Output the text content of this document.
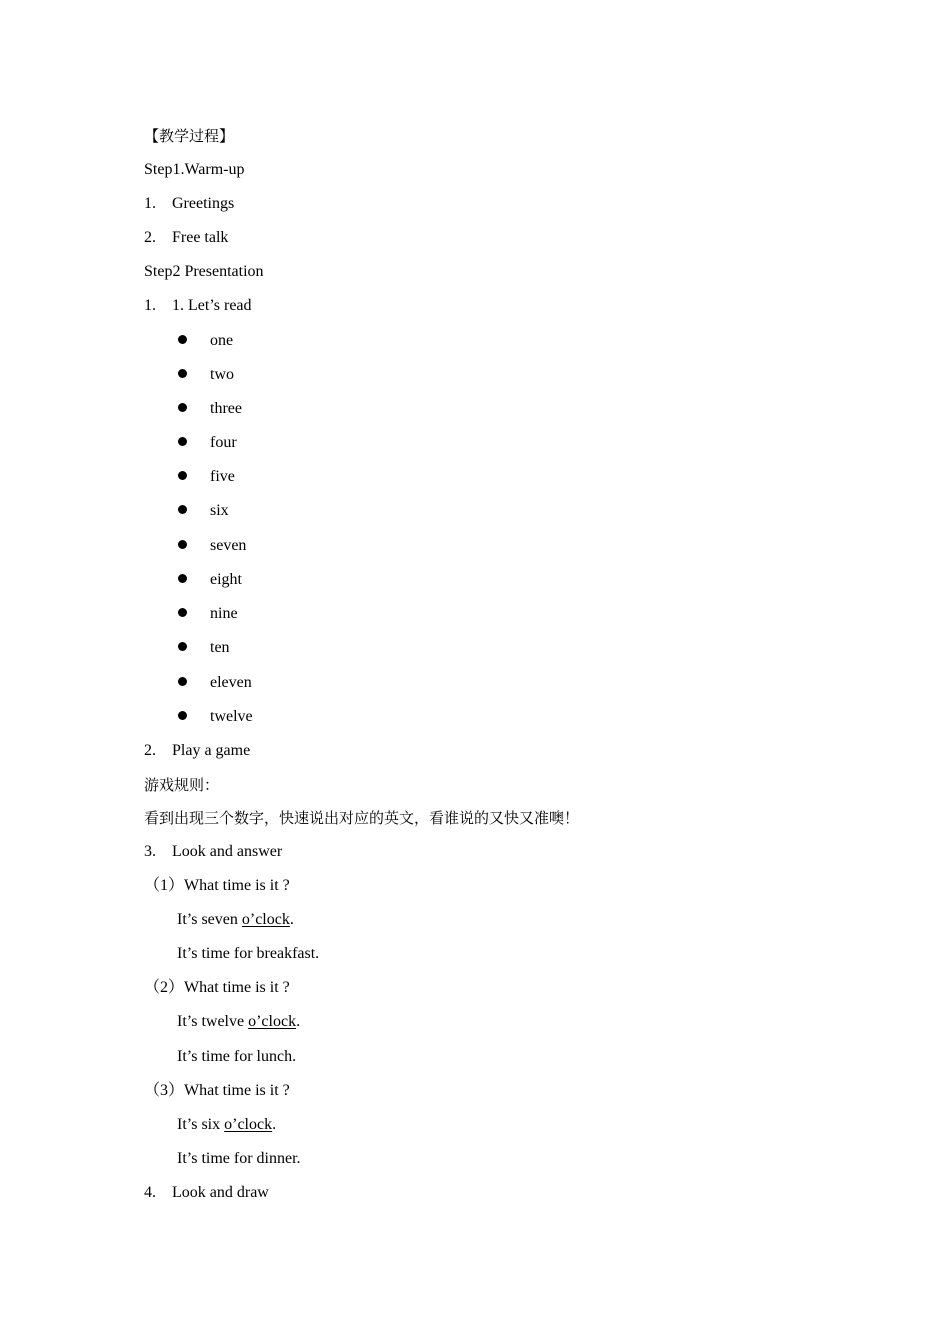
【教学过程】
Step1.Warm-up
1. Greetings
2. Free talk
Step2 Presentation
1. 1. Let’s read
one
two
three
four
five
six
seven
eight
nine
ten
eleven
twelve
2. Play a game
游戏规则：
看到出现三个数字，快速说出对应的英文，看谁说的又快又准噢！
3. Look and answer
（1）What time is it ?
It’s seven o’clock.
It’s time for breakfast.
（2）What time is it ?
It’s twelve o’clock.
It’s time for lunch.
（3）What time is it ?
It’s six o’clock.
It’s time for dinner.
4. Look and draw
